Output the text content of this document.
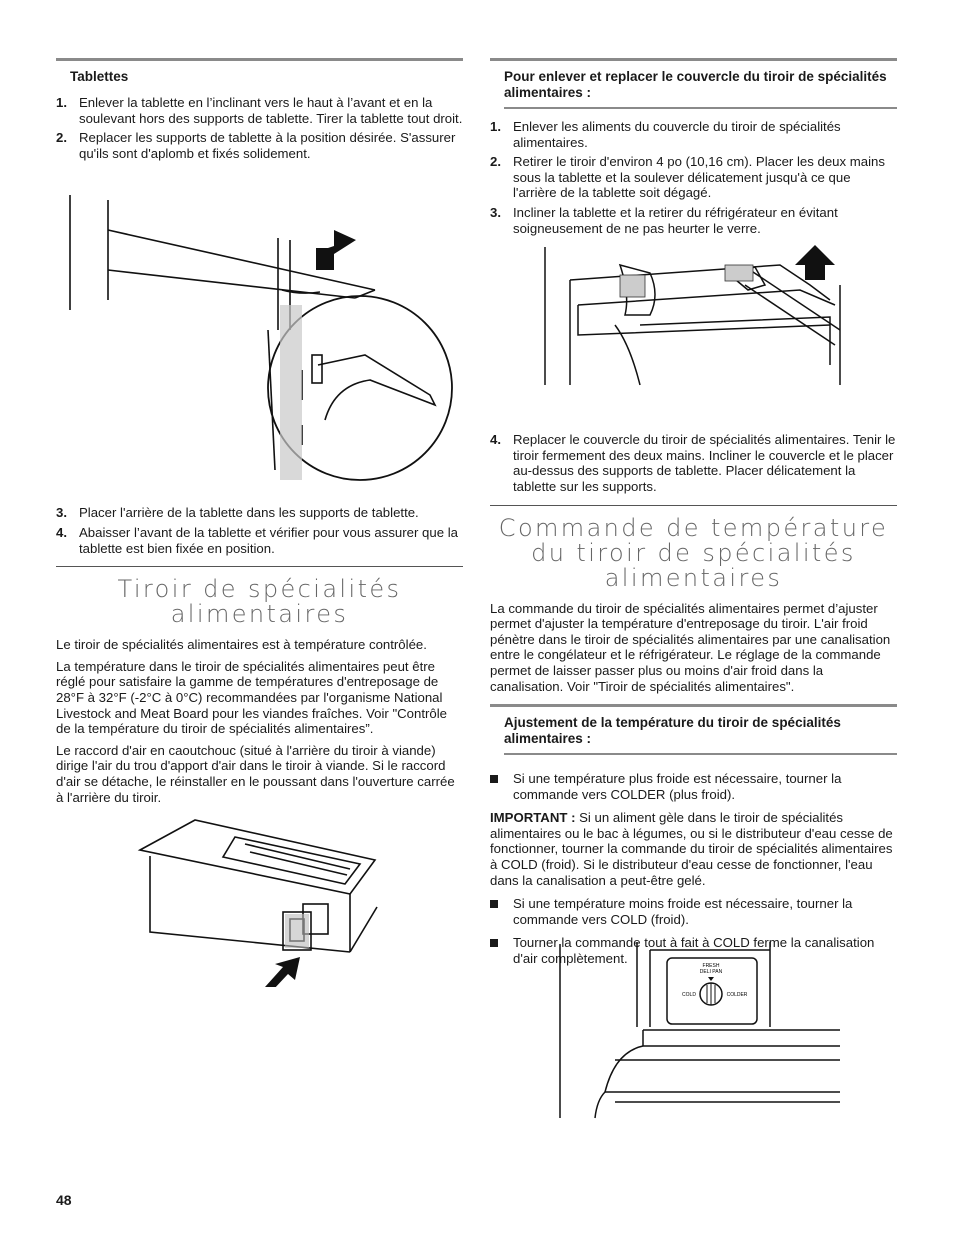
Tablettes
1. Enlever la tablette en l’inclinant vers le haut à l’avant et en la soulevant hors des supports de tablette. Tirer la tablette tout droit.
2. Replacer les supports de tablette à la position désirée. S'assurer qu'ils sont d'aplomb et fixés solidement.
3. Placer l'arrière de la tablette dans les supports de tablette.
4. Abaisser l’avant de la tablette et vérifier pour vous assurer que la tablette est bien fixée en position.
Tiroir de spécialités
alimentaires

Le tiroir de spécialités alimentaires est à température contrôlée.

La température dans le tiroir de spécialités alimentaires peut être réglé pour satisfaire la gamme de températures d'entreposage de 28°F à 32°F (-2°C à 0°C) recommandées par l'organisme National Livestock and Meat Board pour les viandes fraîches. Voir "Contrôle de la température du tiroir de spécialités alimentaires”.

Le raccord d'air en caoutchouc (situé à l'arrière du tiroir à viande) dirige l'air du trou d'apport d'air dans le tiroir à viande. Si le raccord d'air se détache, le réinstaller en le poussant dans l'ouverture carrée à l'arrière du tiroir.

Pour enlever et replacer le couvercle du tiroir de spécialités alimentaires :
1. Enlever les aliments du couvercle du tiroir de spécialités alimentaires.
2. Retirer le tiroir d'environ 4 po (10,16 cm). Placer les deux mains sous la tablette et la soulever délicatement jusqu'à ce que l'arrière de la tablette soit dégagé.
3. Incliner la tablette et la retirer du réfrigérateur en évitant soigneusement de ne pas heurter le verre.
4. Replacer le couvercle du tiroir de spécialités alimentaires. Tenir le tiroir fermement des deux mains. Incliner le couvercle et le placer au-dessus des supports de tablette. Placer délicatement la tablette sur les supports.
Commande de température
du tiroir de spécialités
alimentaires

La commande du tiroir de spécialités alimentaires permet d’ajuster permet d'ajuster la température d'entreposage du tiroir. L'air froid pénètre dans le tiroir de spécialités alimentaires par une canalisation entre le congélateur et le réfrigérateur. Le réglage de la commande permet de laisser passer plus ou moins d'air froid dans la canalisation. Voir "Tiroir de spécialités alimentaires".

Ajustement de la température du tiroir de spécialités alimentaires :
Si une température plus froide est nécessaire, tourner la commande vers COLDER (plus froid).

IMPORTANT : Si un aliment gèle dans le tiroir de spécialités alimentaires ou le bac à légumes, ou si le distributeur d'eau cesse de fonctionner, tourner la commande du tiroir de spécialités alimentaires à COLD (froid). Si le distributeur d'eau cesse de fonctionner, l'eau dans la canalisation a peut-être gelé.

Si une température moins froide est nécessaire, tourner la commande vers COLD (froid).
Tourner la commande tout à fait à COLD ferme la canalisation d'air complètement.	FRESH
DELI PAN
COLD	COLDER
48
